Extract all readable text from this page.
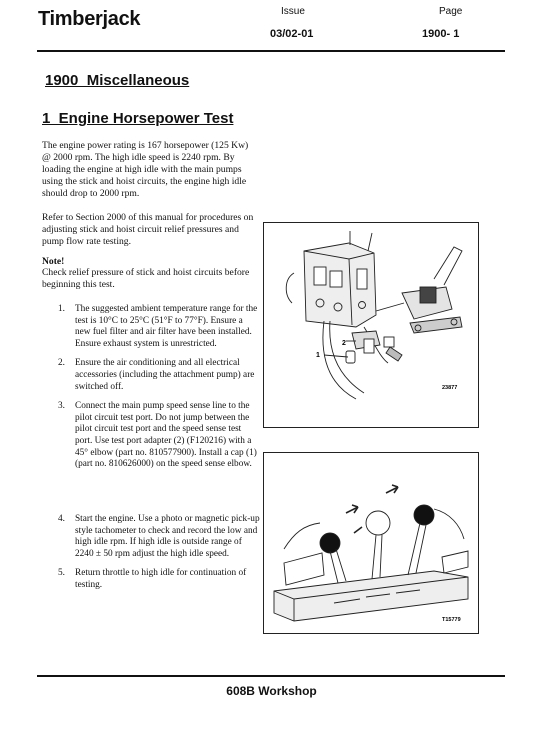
Timberjack	Issue
03/02-01
Page
1900- 1
1900  Miscellaneous
1  Engine Horsepower Test
The engine power rating is 167 horsepower (125 Kw) @ 2000 rpm. The high idle speed is 2240 rpm. By loading the engine at high idle with the main pumps using the stick and hoist circuits, the engine high idle should drop to 2000 rpm.
Refer to Section 2000 of this manual for procedures on adjusting stick and hoist circuit relief pressures and pump flow rate testing.
Note!
Check relief pressure of stick and hoist circuits before beginning this test.
1. The suggested ambient temperature range for the test is 10°C to 25°C (51°F to 77°F). Ensure a new fuel filter and air filter have been installed. Ensure exhaust system is unrestricted.
2. Ensure the air conditioning and all electrical accessories (including the attachment pump) are switched off.
3. Connect the main pump speed sense line to the pilot circuit test port. Do not jump between the pilot circuit test port and the speed sense test port. Use test port adapter (2) (F120216) with a 45° elbow (part no. 810577900). Install a cap (1) (part no. 810626000) on the speed sense elbow.
4. Start the engine. Use a photo or magnetic pick-up style tachometer to check and record the low and high idle rpm. If high idle is outside range of 2240 ± 50 rpm adjust the high idle speed.
5. Return throttle to high idle for continuation of testing.
1
2
23877
T15779
608B Workshop
